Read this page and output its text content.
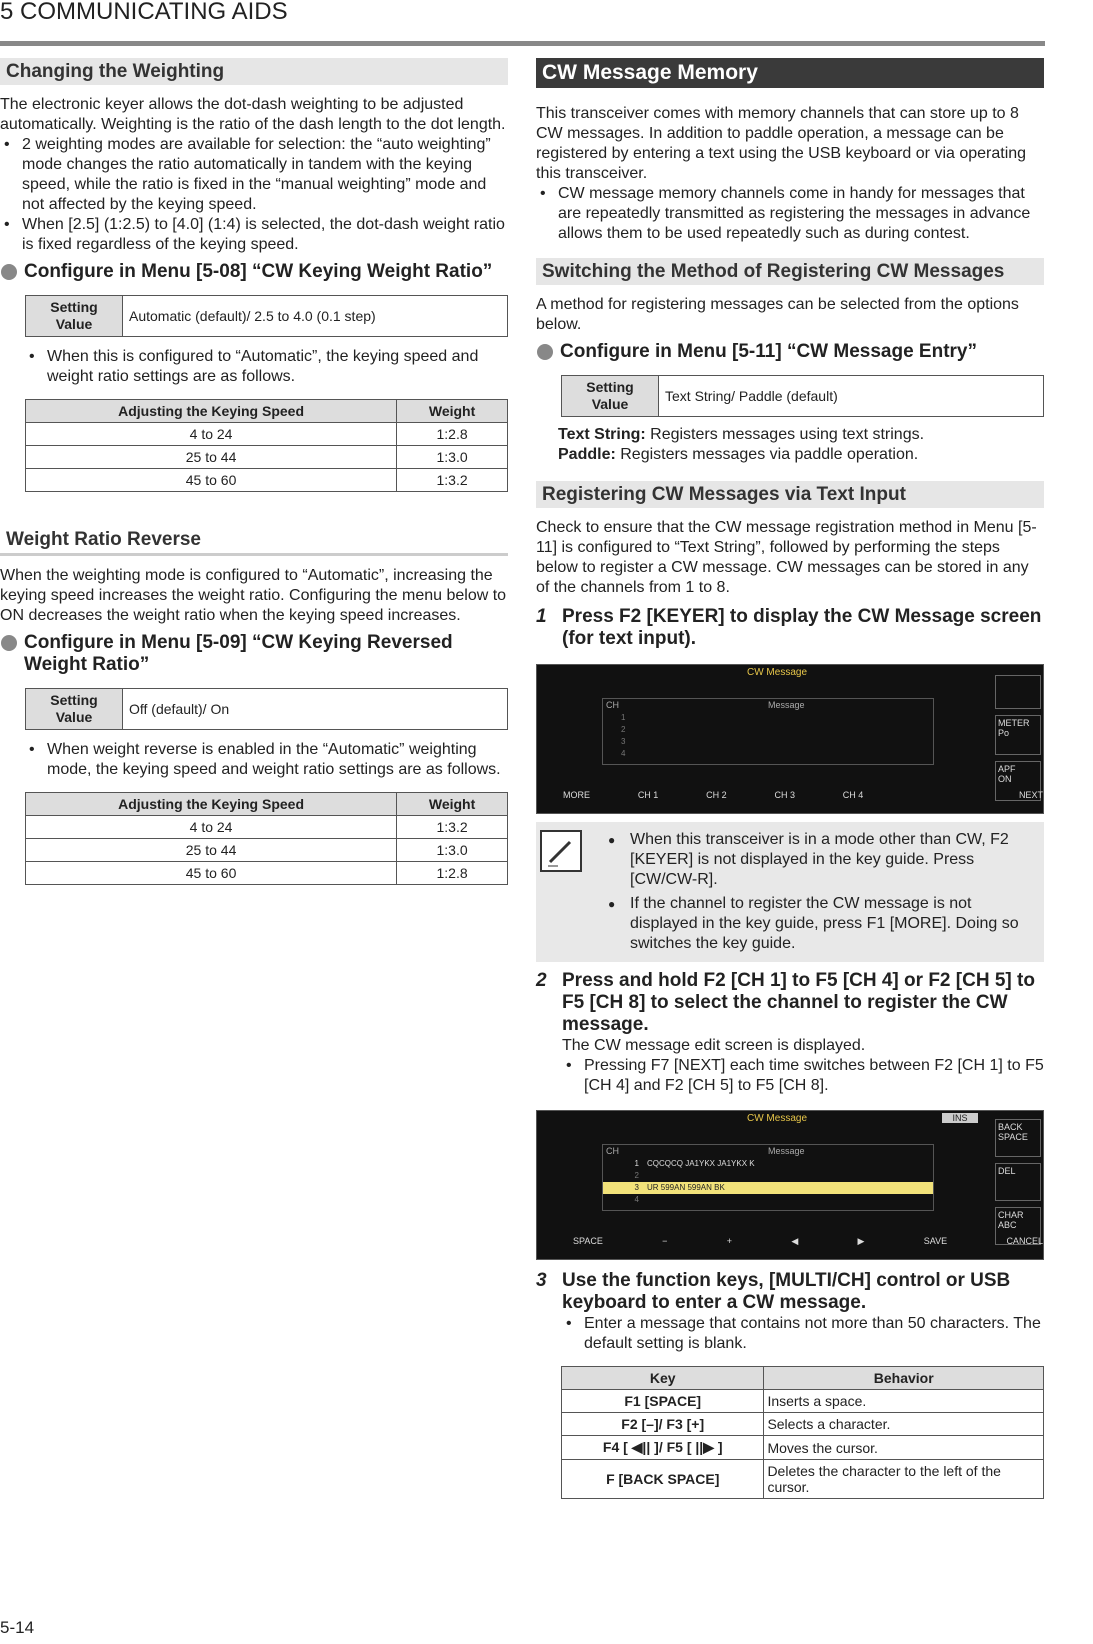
5 COMMUNICATING AIDS
Changing the Weighting

The electronic keyer allows the dot-dash weighting to be adjusted automatically. Weighting is the ratio of the dash length to the dot length.

• 2 weighting modes are available for selection: the “auto weighting” mode changes the ratio automatically in tandem with the keying speed, while the ratio is fixed in the “manual weighting” mode and not affected by the keying speed.
• When [2.5] (1:2.5) to [4.0] (1:4) is selected, the dot-dash weight ratio is fixed regardless of the keying speed.
Configure in Menu [5-08] “CW Keying Weight Ratio”
Setting Value	Automatic (default)/ 2.5 to 4.0 (0.1 step)
• When this is configured to “Automatic”, the keying speed and weight ratio settings are as follows.
Adjusting the Keying Speed	Weight
4 to 24	1:2.8
25 to 44	1:3.0
45 to 60	1:3.2
Weight Ratio Reverse

When the weighting mode is configured to “Automatic”, increasing the keying speed increases the weight ratio. Configuring the menu below to ON decreases the weight ratio when the keying speed increases.

Configure in Menu [5-09] “CW Keying Reversed Weight Ratio”
Setting Value	Off (default)/ On
• When weight reverse is enabled in the “Automatic” weighting mode, the keying speed and weight ratio settings are as follows.
Adjusting the Keying Speed	Weight
4 to 24	1:3.2
25 to 44	1:3.0
45 to 60	1:2.8
CW Message Memory

This transceiver comes with memory channels that can store up to 8 CW messages. In addition to paddle operation, a message can be registered by entering a text using the USB keyboard or via operating this transceiver.

• CW message memory channels come in handy for messages that are repeatedly transmitted as registering the messages in advance allows them to be used repeatedly such as during contest.
Switching the Method of Registering CW Messages

A method for registering messages can be selected from the options below.

Configure in Menu [5-11] “CW Message Entry”
Setting Value	Text String/ Paddle (default)

Text String: Registers messages using text strings.

Paddle: Registers messages via paddle operation.

Registering CW Messages via Text Input

Check to ensure that the CW message registration method in Menu [5-11] is configured to “Text String”, followed by performing the steps below to register a CW message. CW messages can be stored in any of the channels from 1 to 8.

1 Press F2 [KEYER] to display the CW Message screen (for text input).
CW Message
CH	Message
1
2
3
4
METER
Po
APF
ON
MORE	CH 1	CH 2	CH 3	CH 4	NEXT
● When this transceiver is in a mode other than CW, F2 [KEYER] is not displayed in the key guide. Press [CW/CW-R].
● If the channel to register the CW message is not displayed in the key guide, press F1 [MORE]. Doing so switches the key guide.
2 Press and hold F2 [CH 1] to F5 [CH 4] or F2 [CH 5] to F5 [CH 8] to select the channel to register the CW message.

The CW message edit screen is displayed.

• Pressing F7 [NEXT] each time switches between F2 [CH 1] to F5 [CH 4] and F2 [CH 5] to F5 [CH 8].
CW Message	INS
CH	Message
1 CQCQCQ JA1YKX JA1YKX K
2
3 UR 599AN 599AN BK
4
BACK
SPACE
DEL
CHAR
ABC
SPACE	−	+	◀	▶	SAVE	CANCEL
3 Use the function keys, [MULTI/CH] control or USB keyboard to enter a CW message.
• Enter a message that contains not more than 50 characters. The default setting is blank.
Key	Behavior
F1 [SPACE]	Inserts a space.
F2 [–]/ F3 [+]	Selects a character.
F4 [ ◀|| ]/ F5 [ ||▶ ]	Moves the cursor.
F [BACK SPACE]	Deletes the character to the left of the cursor.
5-14
